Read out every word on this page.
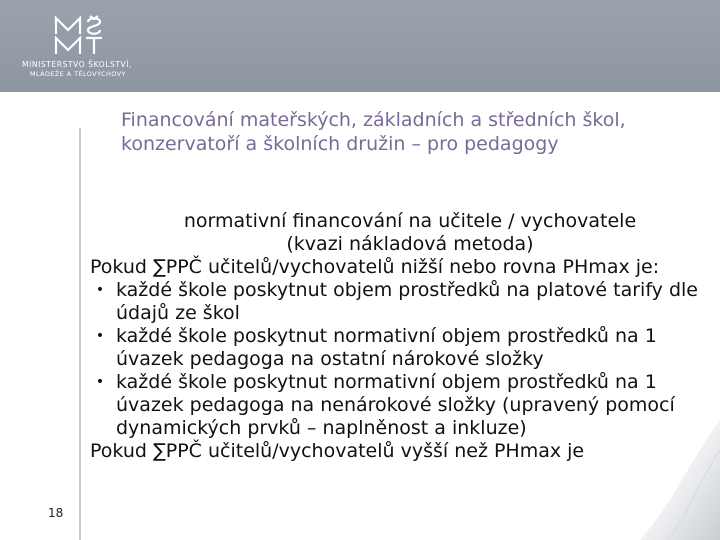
MINISTERSTVO ŠKOLSTVÍ,
MLÁDEŽE A TĚLOVÝCHOVY
Financování mateřských, základních a středních škol, konzervatoří a školních družin – pro pedagogy
normativní financování na učitele / vychovatele
(kvazi nákladová metoda)
Pokud ∑PPČ učitelů/vychovatelů nižší nebo rovna PHmax je:
• každé škole poskytnut objem prostředků na platové tarify dle údajů ze škol
• každé škole poskytnut normativní objem prostředků na 1 úvazek pedagoga na ostatní nárokové složky
• každé škole poskytnut normativní objem prostředků na 1 úvazek pedagoga na nenárokové složky (upravený pomocí dynamických prvků – naplněnost a inkluze)
Pokud ∑PPČ učitelů/vychovatelů vyšší než PHmax je
18
